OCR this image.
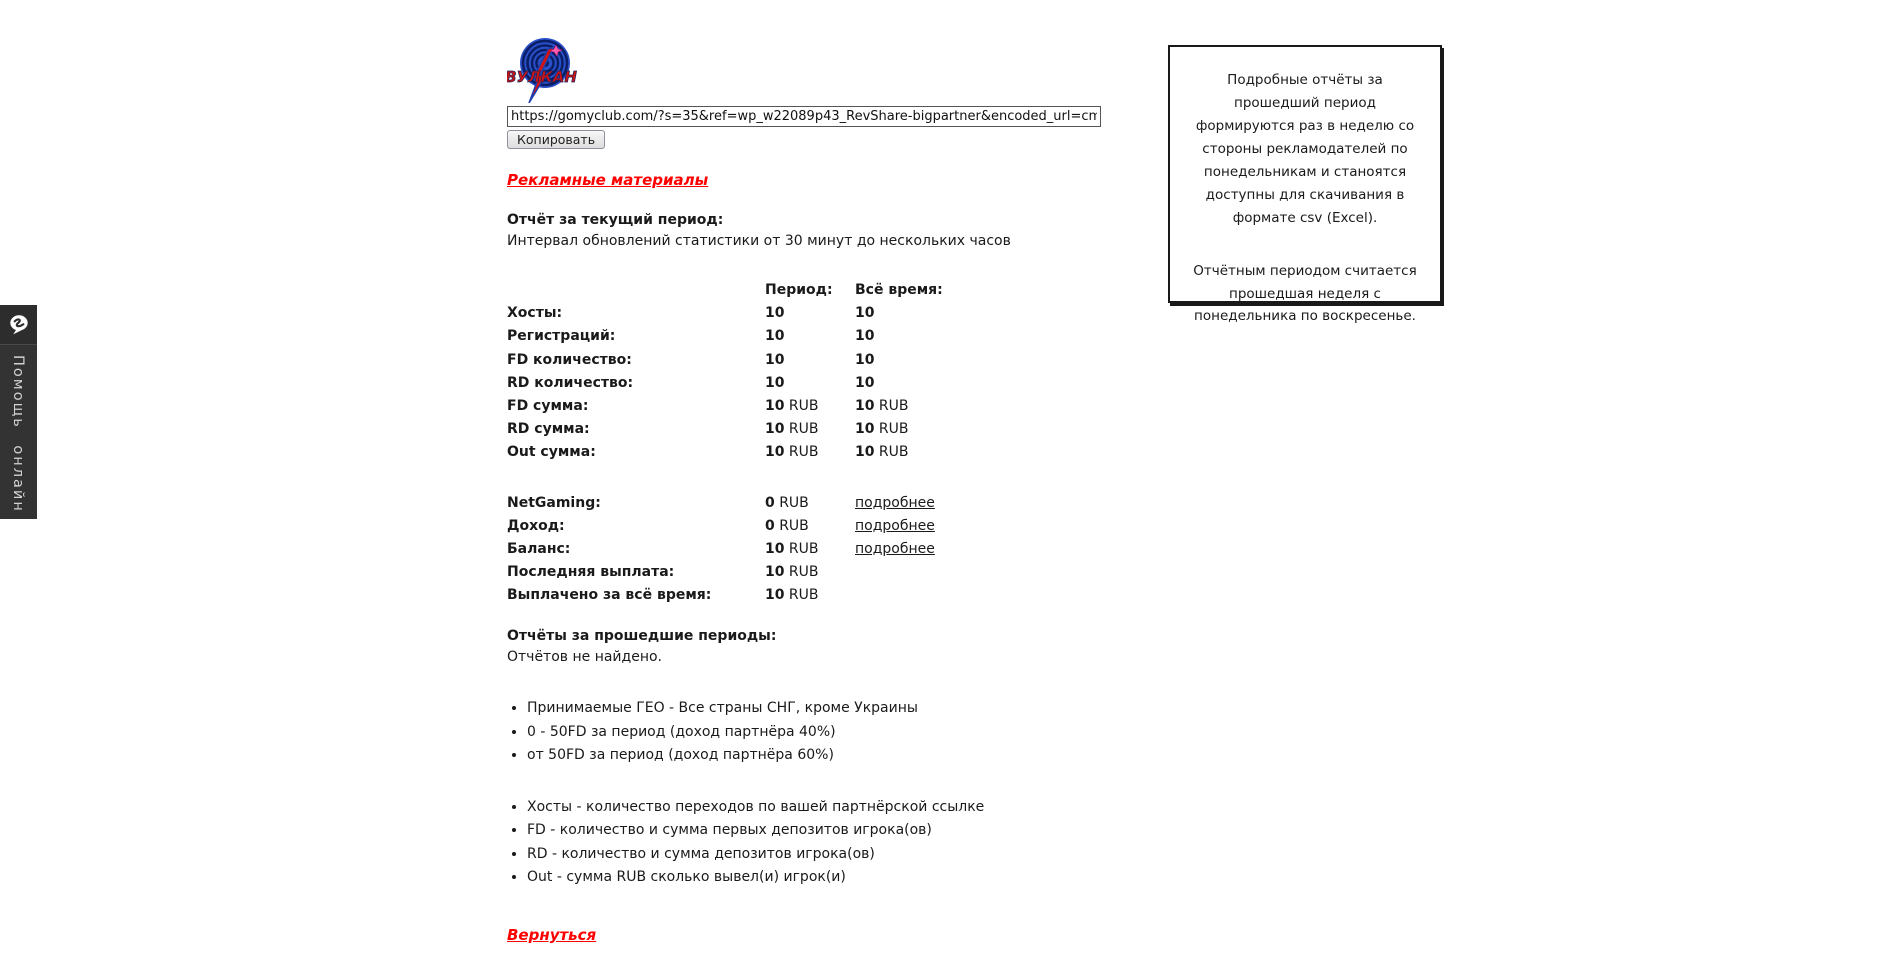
ВУЛКАН
https://gomyclub.com/?s=35&ref=wp_w22089p43_RevShare-bigpartner&encoded_url=cmVnaXN0 Копировать
Рекламные материалы
Отчёт за текущий период:
Интервал обновлений статистики от 30 минут до нескольких часов
Период:	Всё время:
Хосты:	10	10
Регистраций:	10	10
FD количество:	10	10
RD количество:	10	10
FD сумма:	10 RUB	10 RUB
RD сумма:	10 RUB	10 RUB
Out сумма:	10 RUB	10 RUB
NetGaming:	0 RUB	подробнее
Доход:	0 RUB	подробнее
Баланс:	10 RUB	подробнее
Последняя выплата:	10 RUB
Выплачено за всё время:	10 RUB
Отчёты за прошедшие периоды:
Отчётов не найдено.
• Принимаемые ГЕО - Все страны СНГ, кроме Украины
• 0 - 50FD за период (доход партнёра 40%)
• от 50FD за период (доход партнёра 60%)
• Хосты - количество переходов по вашей партнёрской ссылке
• FD - количество и сумма первых депозитов игрока(ов)
• RD - количество и сумма депозитов игрока(ов)
• Out - сумма RUB сколько вывел(и) игрок(и)
Вернуться

Подробные отчёты за прошедший период формируются раз в неделю со стороны рекламодателей по понедельникам и станоятся доступны для скачивания в формате csv (Excel).

Отчётным периодом считается прошедшая неделя с понедельника по воскресенье.

Помощь онлайн
